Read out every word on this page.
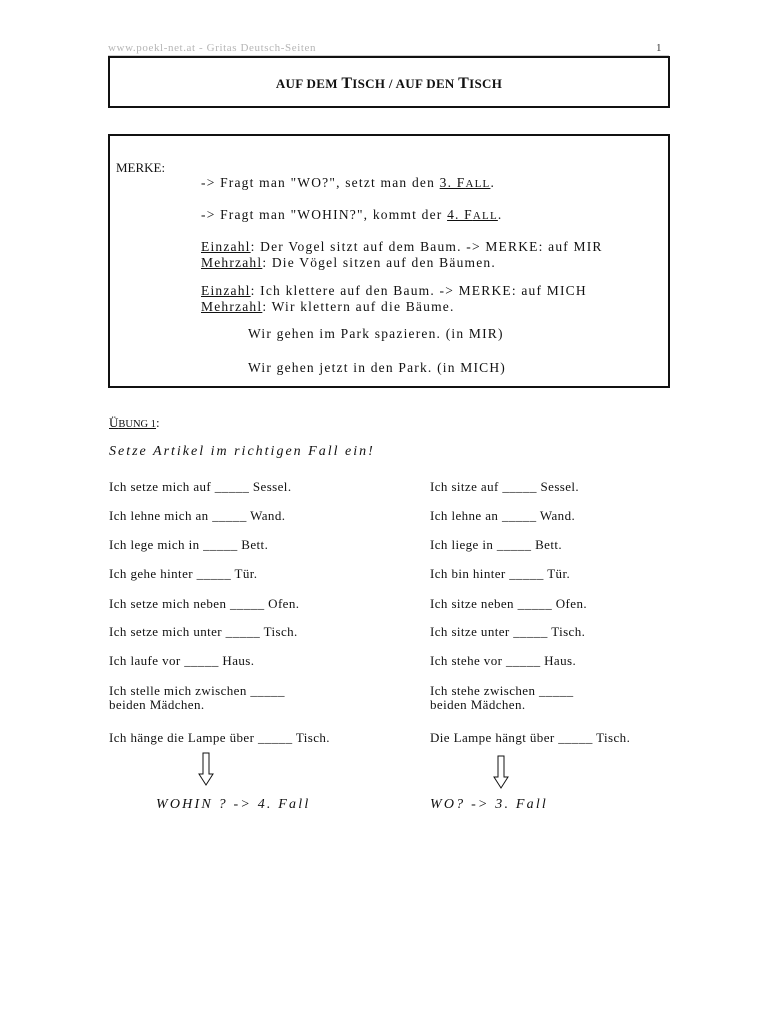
www.poekl-net.at - Gritas Deutsch-Seiten	1
AUF DEM TISCH / AUF DEN TISCH
MERKE:
-> Fragt man "WO?", setzt man den 3. FALL.
-> Fragt man "WOHIN?", kommt der 4. FALL.
Einzahl: Der Vogel sitzt auf dem Baum. -> MERKE: auf MIR
Mehrzahl: Die Vögel sitzen auf den Bäumen.
Einzahl: Ich klettere auf den Baum. -> MERKE: auf MICH
Mehrzahl: Wir klettern auf die Bäume.
Wir gehen im Park spazieren. (in MIR)
Wir gehen jetzt in den Park. (in MICH)
ÜBUNG 1:
Setze Artikel im richtigen Fall ein!
Ich setze mich auf _____ Sessel.
Ich lehne mich an _____ Wand.
Ich lege mich in _____ Bett.
Ich gehe hinter _____ Tür.
Ich setze mich neben _____ Ofen.
Ich setze mich unter _____ Tisch.
Ich laufe vor _____ Haus.
Ich stelle mich zwischen _____
beiden Mädchen.
Ich hänge die Lampe über _____ Tisch.
Ich sitze auf _____ Sessel.
Ich lehne an _____ Wand.
Ich liege in _____ Bett.
Ich bin hinter _____ Tür.
Ich sitze neben _____ Ofen.
Ich sitze unter _____ Tisch.
Ich stehe vor _____ Haus.
Ich stehe zwischen _____
beiden Mädchen.
Die Lampe hängt über _____ Tisch.
WOHIN ? -> 4. Fall	WO? -> 3. Fall
